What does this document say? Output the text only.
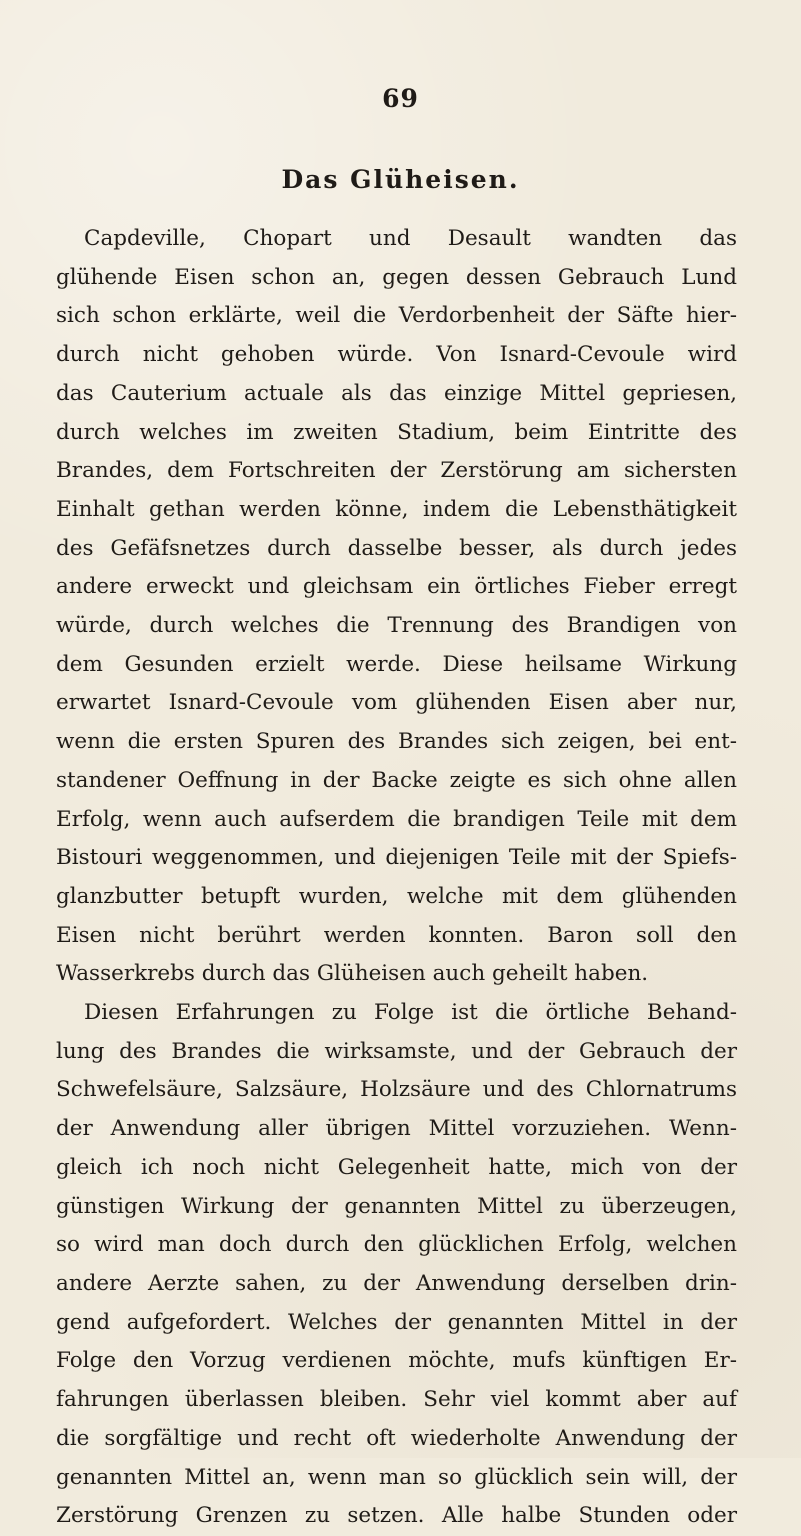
69
Das Glüheisen.

Capdeville, Chopart und Desault wandten das
glühende Eisen schon an, gegen dessen Gebrauch Lund
sich schon erklärte, weil die Verdorbenheit der Säfte hier-
durch nicht gehoben würde. Von Isnard-Cevoule wird
das Cauterium actuale als das einzige Mittel gepriesen,
durch welches im zweiten Stadium, beim Eintritte des
Brandes, dem Fortschreiten der Zerstörung am sichersten
Einhalt gethan werden könne, indem die Lebensthätigkeit
des Gefäfsnetzes durch dasselbe besser, als durch jedes
andere erweckt und gleichsam ein örtliches Fieber erregt
würde, durch welches die Trennung des Brandigen von
dem Gesunden erzielt werde. Diese heilsame Wirkung
erwartet Isnard-Cevoule vom glühenden Eisen aber nur,
wenn die ersten Spuren des Brandes sich zeigen, bei ent-
standener Oeffnung in der Backe zeigte es sich ohne allen
Erfolg, wenn auch aufserdem die brandigen Teile mit dem
Bistouri weggenommen, und diejenigen Teile mit der Spiefs-
glanzbutter betupft wurden, welche mit dem glühenden
Eisen nicht berührt werden konnten. Baron soll den
Wasserkrebs durch das Glüheisen auch geheilt haben.

Diesen Erfahrungen zu Folge ist die örtliche Behand-
lung des Brandes die wirksamste, und der Gebrauch der
Schwefelsäure, Salzsäure, Holzsäure und des Chlornatrums
der Anwendung aller übrigen Mittel vorzuziehen. Wenn-
gleich ich noch nicht Gelegenheit hatte, mich von der
günstigen Wirkung der genannten Mittel zu überzeugen,
so wird man doch durch den glücklichen Erfolg, welchen
andere Aerzte sahen, zu der Anwendung derselben drin-
gend aufgefordert. Welches der genannten Mittel in der
Folge den Vorzug verdienen möchte, mufs künftigen Er-
fahrungen überlassen bleiben. Sehr viel kommt aber auf
die sorgfältige und recht oft wiederholte Anwendung der
genannten Mittel an, wenn man so glücklich sein will, der
Zerstörung Grenzen zu setzen. Alle halbe Stunden oder
